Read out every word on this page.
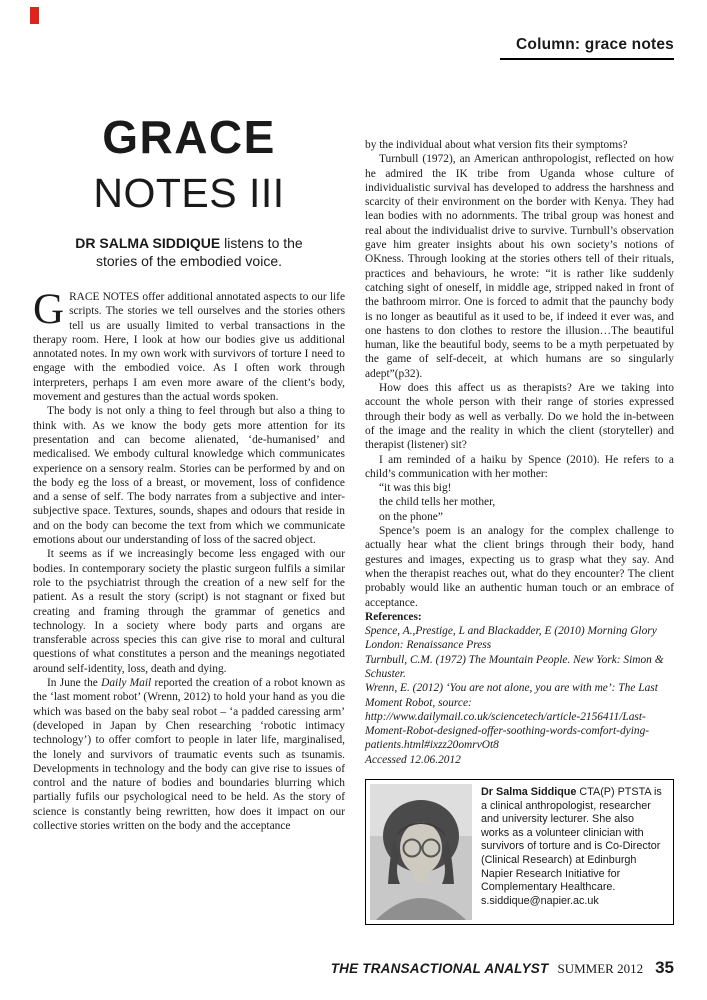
Column: grace notes
GRACE
NOTES III

DR SALMA SIDDIQUE listens to the stories of the embodied voice.

GRACE NOTES offer additional annotated aspects to our life scripts. The stories we tell ourselves and the stories others tell us are usually limited to verbal transactions in the therapy room. Here, I look at how our bodies give us additional annotated notes. In my own work with survivors of torture I need to engage with the embodied voice. As I often work through interpreters, perhaps I am even more aware of the client’s body, movement and gestures than the actual words spoken.

The body is not only a thing to feel through but also a thing to think with. As we know the body gets more attention for its presentation and can become alienated, ‘de-humanised’ and medicalised. We embody cultural knowledge which communicates experience on a sensory realm. Stories can be performed by and on the body eg the loss of a breast, or movement, loss of confidence and a sense of self. The body narrates from a subjective and inter-subjective space. Textures, sounds, shapes and odours that reside in and on the body can become the text from which we communicate emotions about our understanding of loss of the sacred object.

It seems as if we increasingly become less engaged with our bodies. In contemporary society the plastic surgeon fulfils a similar role to the psychiatrist through the creation of a new self for the patient. As a result the story (script) is not stagnant or fixed but creating and framing through the grammar of genetics and technology. In a society where body parts and organs are transferable across species this can give rise to moral and cultural questions of what constitutes a person and the meanings negotiated around self-identity, loss, death and dying.

In June the Daily Mail reported the creation of a robot known as the ‘last moment robot’ (Wrenn, 2012) to hold your hand as you die which was based on the baby seal robot – ‘a padded caressing arm’ (developed in Japan by Chen researching ‘robotic intimacy technology’) to offer comfort to people in later life, marginalised, the lonely and survivors of traumatic events such as tsunamis. Developments in technology and the body can give rise to issues of control and the nature of bodies and boundaries blurring which partially fufils our psychological need to be held. As the story of science is constantly being rewritten, how does it impact on our collective stories written on the body and the acceptance

by the individual about what version fits their symptoms?

Turnbull (1972), an American anthropologist, reflected on how he admired the IK tribe from Uganda whose culture of individualistic survival has developed to address the harshness and scarcity of their environment on the border with Kenya. They had lean bodies with no adornments. The tribal group was honest and real about the individualist drive to survive. Turnbull’s observation gave him greater insights about his own society’s notions of OKness. Through looking at the stories others tell of their rituals, practices and behaviours, he wrote: “it is rather like suddenly catching sight of oneself, in middle age, stripped naked in front of the bathroom mirror. One is forced to admit that the paunchy body is no longer as beautiful as it used to be, if indeed it ever was, and one hastens to don clothes to restore the illusion…The beautiful human, like the beautiful body, seems to be a myth perpetuated by the game of self-deceit, at which humans are so singularly adept”(p32).

How does this affect us as therapists? Are we taking into account the whole person with their range of stories expressed through their body as well as verbally. Do we hold the in-between of the image and the reality in which the client (storyteller) and therapist (listener) sit?

I am reminded of a haiku by Spence (2010). He refers to a child’s communication with her mother:

“it was this big!
the child tells her mother,
on the phone”

Spence’s poem is an analogy for the complex challenge to actually hear what the client brings through their body, hand gestures and images, expecting us to grasp what they say. And when the therapist reaches out, what do they encounter? The client probably would like an authentic human touch or an embrace of acceptance.

References:

Spence, A.,Prestige, L and Blackadder, E (2010) Morning Glory London: Renaissance Press

Turnbull, C.M. (1972) The Mountain People. New York: Simon & Schuster.

Wrenn, E. (2012) ‘You are not alone, you are with me’: The Last Moment Robot, source: http://www.dailymail.co.uk/sciencetech/article-2156411/Last-Moment-Robot-designed-offer-soothing-words-comfort-dying-patients.html#ixzz20omrvOt8

Accessed 12.06.2012

Dr Salma Siddique CTA(P) PTSTA is a clinical anthropologist, researcher and university lecturer. She also works as a volunteer clinician with survivors of torture and is Co-Director (Clinical Research) at Edinburgh Napier Research Initiative for Complementary Healthcare. s.siddique@napier.ac.uk

THE TRANSACTIONAL ANALYST SUMMER 2012 35
